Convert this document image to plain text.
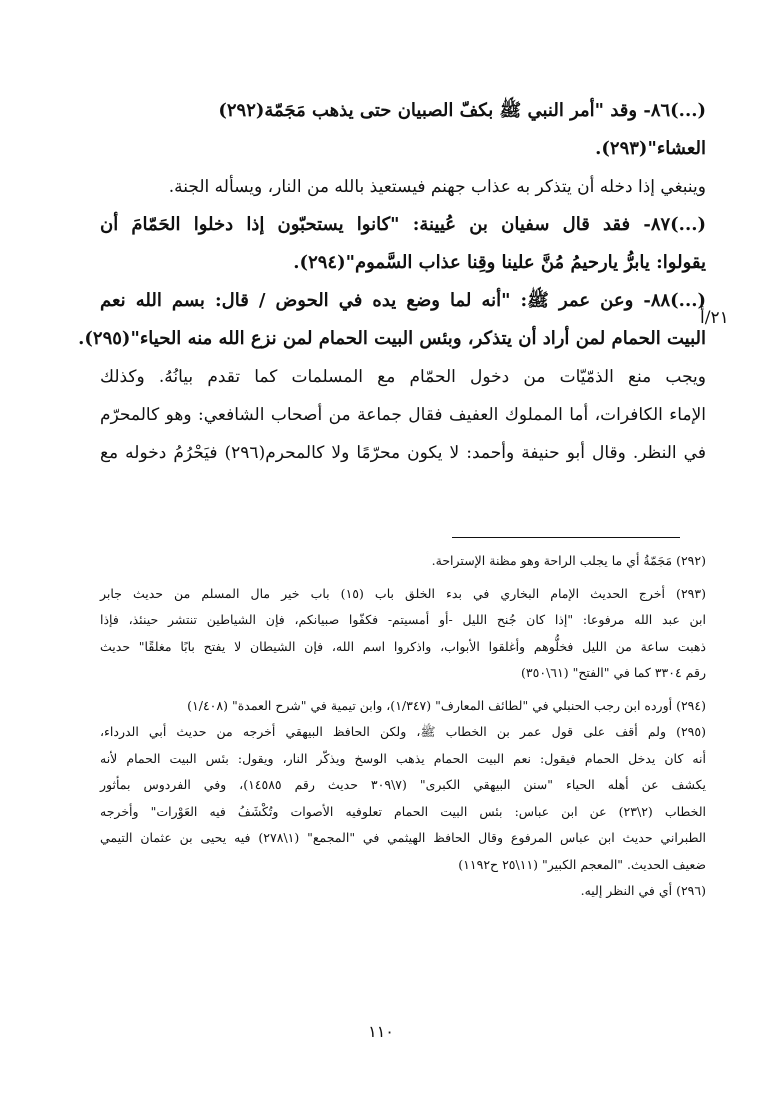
٢١/أ
(...)٨٦- وقد "أمر النبي ﷺ بكفّ الصبيان حتى يذهب مَجَمّة(٢٩٢)
العشاء"(٢٩٣).
وينبغي إذا دخله أن يتذكر به عذاب جهنم فيستعيذ بالله من النار، ويسأله الجنة.
(...)٨٧- فقد قال سفيان بن عُيينة: "كانوا يستحبّون إذا دخلوا الحَمّامَ أن
يقولوا: يابرُّ يارحيمُ مُنَّ علينا وقِنا عذاب السَّموم"(٢٩٤).
(...)٨٨- وعن عمر ﷺ: "أنه لما وضع يده في الحوض / قال: بسم الله نعم
البيت الحمام لمن أراد أن يتذكر، وبئس البيت الحمام لمن نزع الله منه الحياء"(٢٩٥).
ويجب منع الذمّيّات من دخول الحمّام مع المسلمات كما تقدم بيانُهُ. وكذلك
الإماء الكافرات، أما المملوك العفيف فقال جماعة من أصحاب الشافعي: وهو كالمحرّم
في النظر. وقال أبو حنيفة وأحمد: لا يكون محرّمًا ولا كالمحرم(٢٩٦) فيَحْرُمُ دخوله مع
(٢٩٢) مَجَمّةُ أي ما يجلب الراحة وهو مظنة الإستراحة.
(٢٩٣) أخرج الحديث الإمام البخاري في بدء الخلق باب (١٥) باب خير مال المسلم من حديث جابر
ابن عبد الله مرفوعا: "إذا كان جُنح الليل -أو أمسيتم- فكفّوا صبيانكم، فإن الشياطين تنتشر حينئذ، فإذا
ذهبت ساعة من الليل فخلُّوهم وأغلقوا الأبواب، واذكروا اسم الله، فإن الشيطان لا يفتح بابًا مغلقًا" حديث
رقم ٣٣٠٤ كما في "الفتح" (٦١\٣٥٠)
(٢٩٤) أورده ابن رجب الحنبلي في "لطائف المعارف" (١/٣٤٧)، وابن تيمية في "شرح العمدة" (١/٤٠٨)
(٢٩٥) ولم أقف على قول عمر بن الخطاب ﷺ، ولكن الحافظ البيهقي أخرجه من حديث أبي الدرداء،
أنه كان يدخل الحمام فيقول: نعم البيت الحمام يذهب الوسخ ويذكّر النار، ويقول: بئس البيت الحمام لأنه
يكشف عن أهله الحياء "سنن البيهقي الكبرى" (٧\٣٠٩ حديث رقم ١٤٥٨٥)، وفي الفردوس بمأثور
الخطاب (٢\٢٣) عن ابن عباس: بئس البيت الحمام تعلوفيه الأصوات وتُكْشَفُ فيه العَوْرات" وأخرجه
الطبراني حديث ابن عباس المرفوع وقال الحافظ الهيثمي في "المجمع" (١\٢٧٨) فيه يحيى بن عثمان التيمي
ضعيف الحديث. "المعجم الكبير" (١١\٢٥ ح١١٩٢)
(٢٩٦) أي في النظر إليه.
١١٠
